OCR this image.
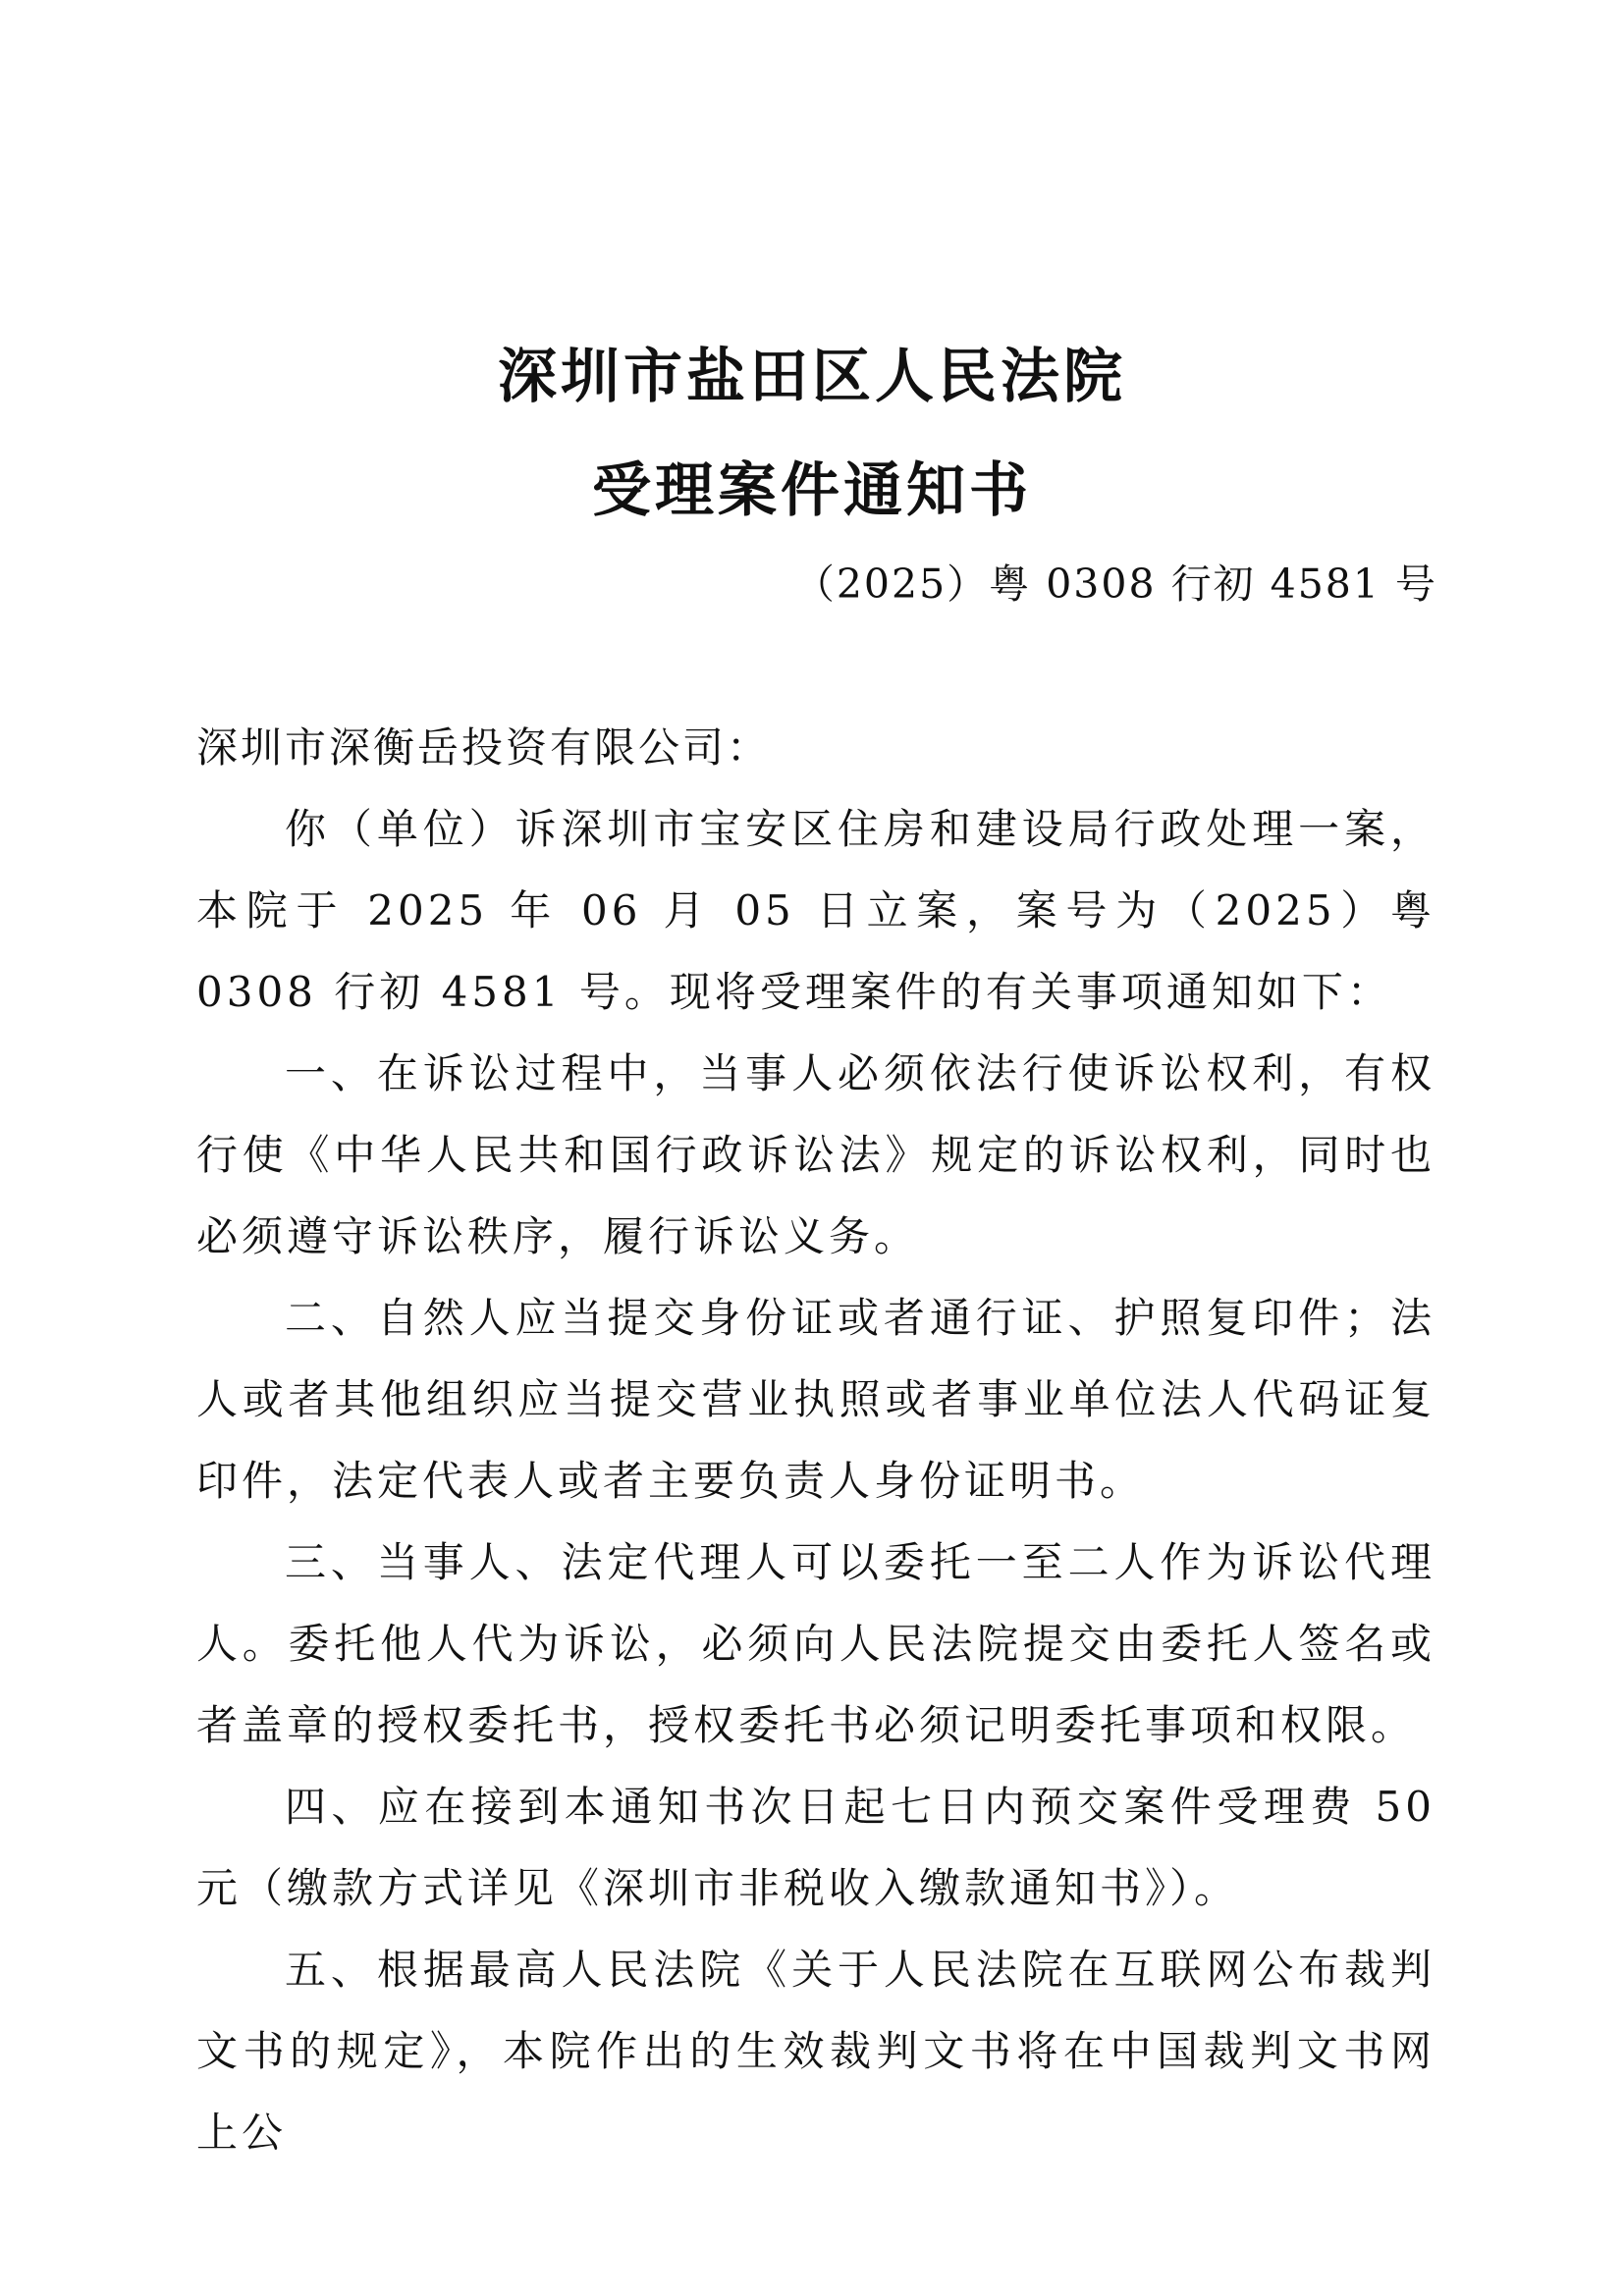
深圳市盐田区人民法院
受理案件通知书
（2025）粤 0308 行初 4581 号
深圳市深衡岳投资有限公司：

你（单位）诉深圳市宝安区住房和建设局行政处理一案，本院于 2025 年 06 月 05 日立案，案号为（2025）粤 0308 行初 4581 号。现将受理案件的有关事项通知如下：

一、在诉讼过程中，当事人必须依法行使诉讼权利，有权行使《中华人民共和国行政诉讼法》规定的诉讼权利，同时也必须遵守诉讼秩序，履行诉讼义务。

二、自然人应当提交身份证或者通行证、护照复印件；法人或者其他组织应当提交营业执照或者事业单位法人代码证复印件，法定代表人或者主要负责人身份证明书。

三、当事人、法定代理人可以委托一至二人作为诉讼代理人。委托他人代为诉讼，必须向人民法院提交由委托人签名或者盖章的授权委托书，授权委托书必须记明委托事项和权限。

四、应在接到本通知书次日起七日内预交案件受理费 50 元（缴款方式详见《深圳市非税收入缴款通知书》）。

五、根据最高人民法院《关于人民法院在互联网公布裁判文书的规定》，本院作出的生效裁判文书将在中国裁判文书网上公
